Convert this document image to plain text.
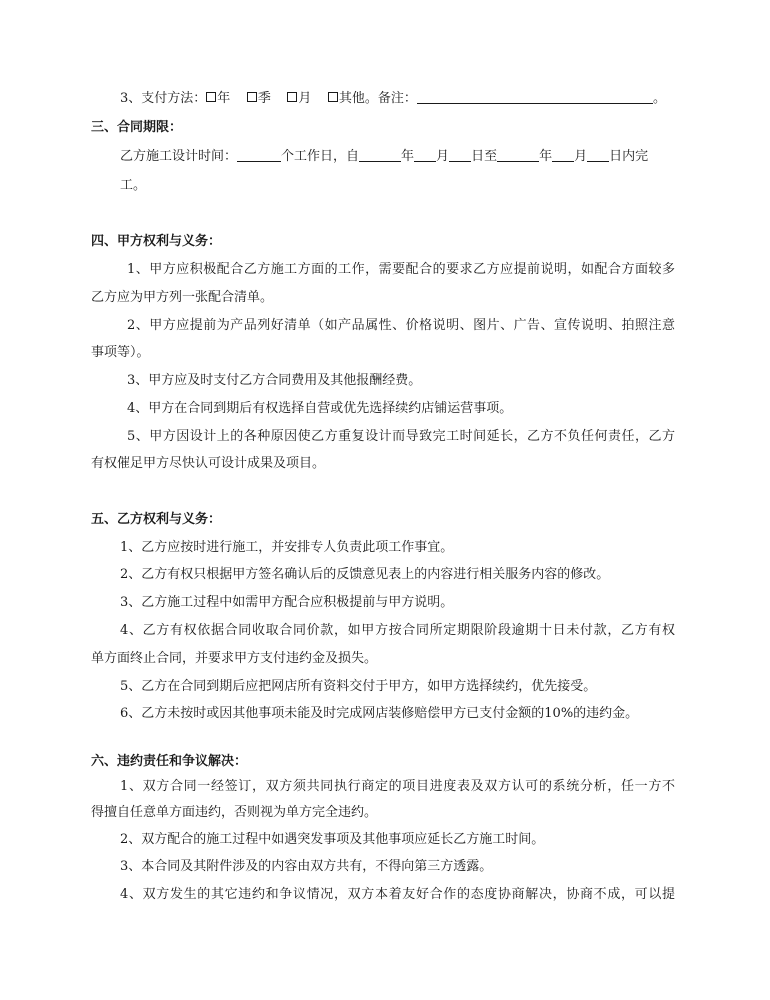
3、支付方法： 年 季 月 其他。备注：	。
三、合同期限：
乙方施工设计时间：	个工作日，自	年 月 日至	年 月 日内完
工。
四、甲方权利与义务：
1、甲方应积极配合乙方施工方面的工作，需要配合的要求乙方应提前说明，如配合方面较多
乙方应为甲方列一张配合清单。
2、甲方应提前为产品列好清单（如产品属性、价格说明、图片、广告、宣传说明、拍照注意
事项等）。
3、甲方应及时支付乙方合同费用及其他报酬经费。
4、甲方在合同到期后有权选择自营或优先选择续约店铺运营事项。
5、甲方因设计上的各种原因使乙方重复设计而导致完工时间延长，乙方不负任何责任，乙方
有权催足甲方尽快认可设计成果及项目。
五、乙方权利与义务：
1、乙方应按时进行施工，并安排专人负责此项工作事宜。
2、乙方有权只根据甲方签名确认后的反馈意见表上的内容进行相关服务内容的修改。
3、乙方施工过程中如需甲方配合应积极提前与甲方说明。
4、乙方有权依据合同收取合同价款，如甲方按合同所定期限阶段逾期十日未付款，乙方有权
单方面终止合同，并要求甲方支付违约金及损失。
5、乙方在合同到期后应把网店所有资料交付于甲方，如甲方选择续约，优先接受。
6、乙方未按时或因其他事项未能及时完成网店装修赔偿甲方已支付金额的10%的违约金。
六、违约责任和争议解决：
1、双方合同一经签订，双方须共同执行商定的项目进度表及双方认可的系统分析，任一方不
得擅自任意单方面违约，否则视为单方完全违约。
2、双方配合的施工过程中如遇突发事项及其他事项应延长乙方施工时间。
3、本合同及其附件涉及的内容由双方共有，不得向第三方透露。
4、双方发生的其它违约和争议情况，双方本着友好合作的态度协商解决，协商不成，可以提
